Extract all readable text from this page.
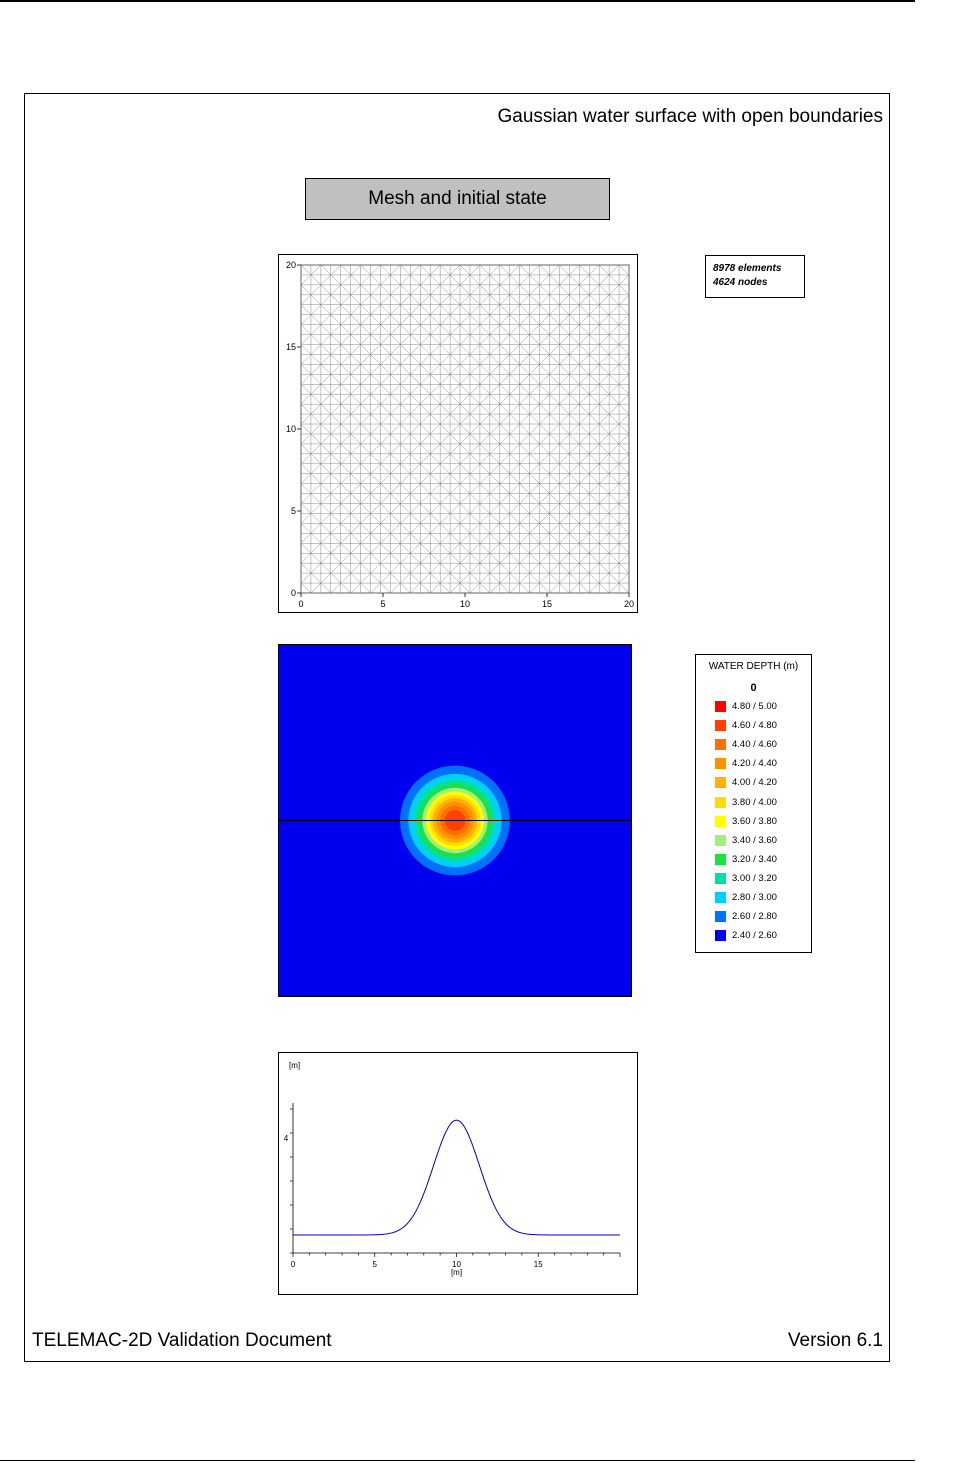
Gaussian water surface with open boundaries
Mesh and initial state
0	5	10	15	20
0
5
10
15
20	8978 elements
4624 nodes
WATER DEPTH (m)
0
4.80 / 5.00
4.60 / 4.80
4.40 / 4.60
4.20 / 4.40
4.00 / 4.20
3.80 / 4.00
3.60 / 3.80
3.40 / 3.60
3.20 / 3.40
3.00 / 3.20
2.80 / 3.00
2.60 / 2.80
2.40 / 2.60
0	5	10	15
[m]
4
[m]
TELEMAC-2D Validation Document	Version 6.1
